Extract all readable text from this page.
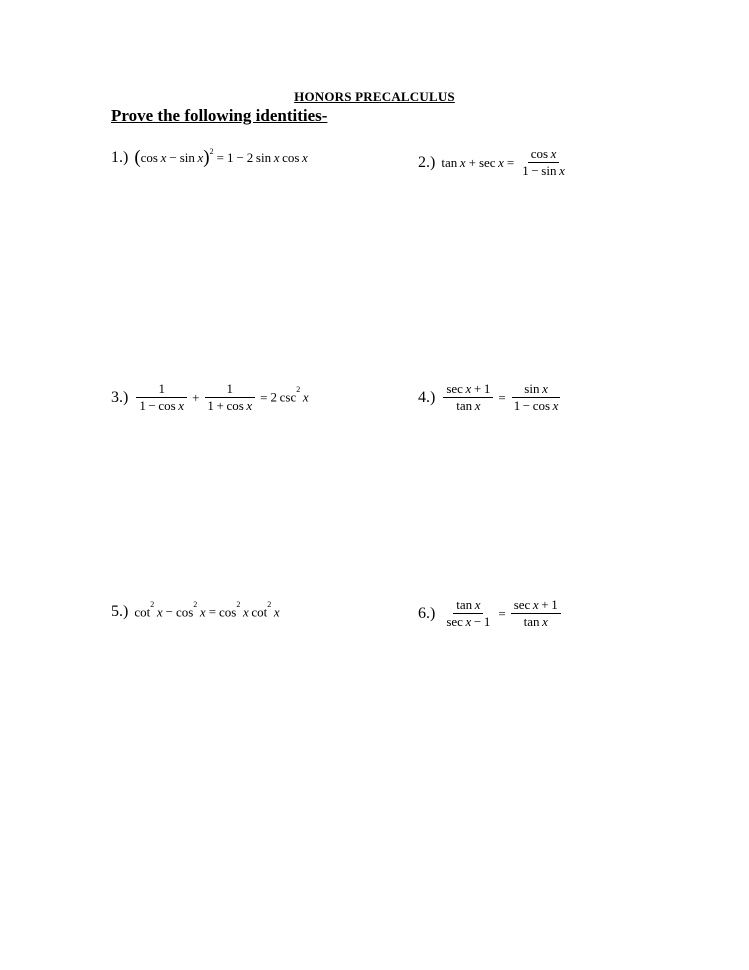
HONORS PRECALCULUS
Prove the following identities-
1.) ( cos x − sin x )$^2$ = 1 − 2 sin x cos x	2.) $\tan x + \sec x = \frac{\text{cos x}}{\text{1 − sin x}}$
$3.) \frac{1}{\text{1 − cos x}} + \frac{1}{\text{1 + cos x}} = 2$ $\csc^2 x$	$4.) \frac{\text{sec x + 1}}{\text{tan x}} = \frac{\text{sin x}}{\text{1 − cos x}}$
5.) $\cot^2 x - \cos^2 x = \cos^2 x$ $\cot^2 x$	$6.) \frac{\text{tan x}}{\text{sec x − 1}} = \frac{\text{sec x + 1}}{\text{tan x}}$
